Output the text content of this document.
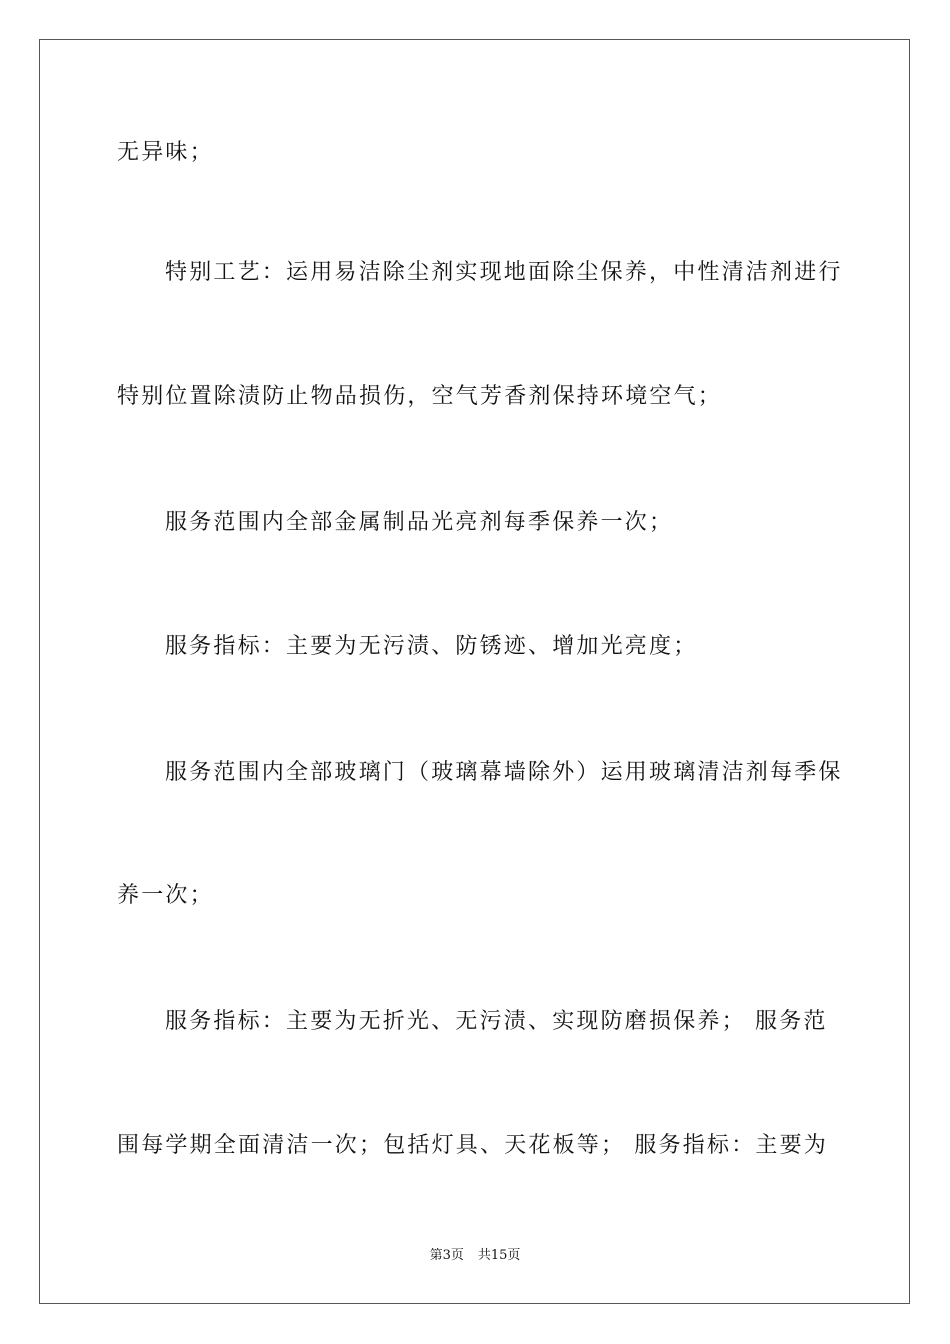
无异味；
特别工艺：运用易洁除尘剂实现地面除尘保养，中性清洁剂进行
特别位置除渍防止物品损伤，空气芳香剂保持环境空气；
服务范围内全部金属制品光亮剂每季保养一次；
服务指标：主要为无污渍、防锈迹、增加光亮度；
服务范围内全部玻璃门（玻璃幕墙除外）运用玻璃清洁剂每季保
养一次；
服务指标：主要为无折光、无污渍、实现防磨损保养； 服务范
围每学期全面清洁一次；包括灯具、天花板等； 服务指标：主要为
第3页 共15页
